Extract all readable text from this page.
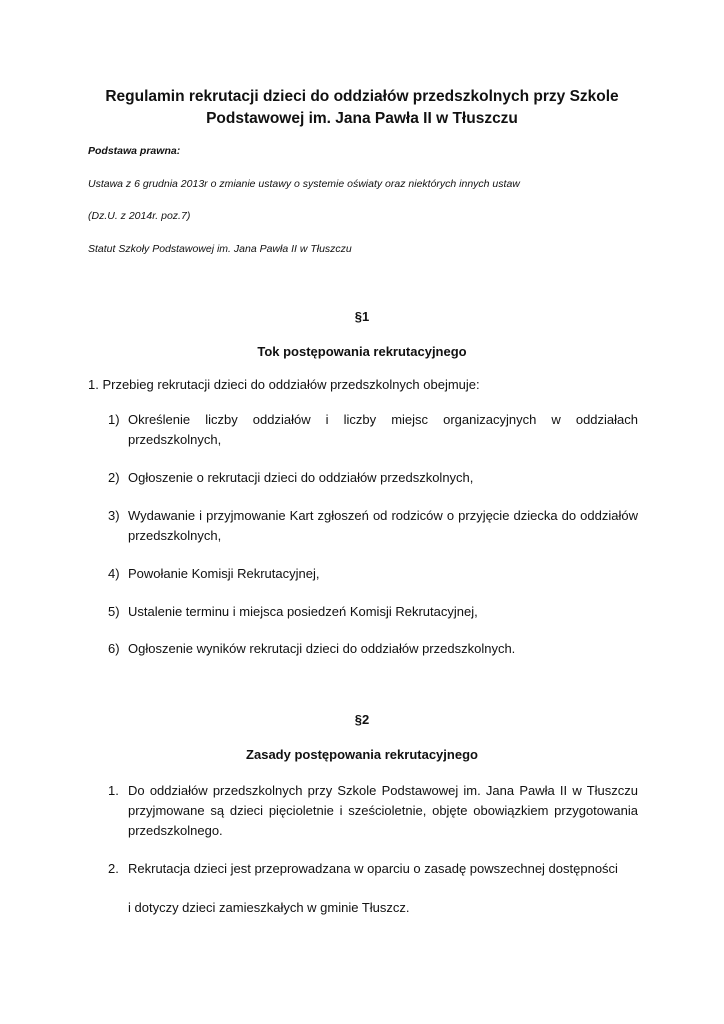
Regulamin rekrutacji dzieci do oddziałów przedszkolnych przy Szkole Podstawowej im. Jana Pawła II w Tłuszczu
Podstawa prawna:
Ustawa z 6 grudnia 2013r o zmianie ustawy o systemie oświaty oraz niektórych innych ustaw
(Dz.U. z 2014r. poz.7)
Statut Szkoły Podstawowej im. Jana Pawła II w Tłuszczu
§1
Tok postępowania rekrutacyjnego
1. Przebieg rekrutacji dzieci do oddziałów przedszkolnych obejmuje:
1) Określenie liczby oddziałów i liczby miejsc organizacyjnych w oddziałach przedszkolnych,
2) Ogłoszenie o rekrutacji dzieci do oddziałów przedszkolnych,
3) Wydawanie i przyjmowanie Kart zgłoszeń od rodziców o przyjęcie dziecka do oddziałów przedszkolnych,
4) Powołanie Komisji Rekrutacyjnej,
5) Ustalenie terminu i miejsca posiedzeń Komisji Rekrutacyjnej,
6) Ogłoszenie wyników rekrutacji dzieci do oddziałów przedszkolnych.
§2
Zasady postępowania rekrutacyjnego
1. Do oddziałów przedszkolnych przy Szkole Podstawowej im. Jana Pawła II w Tłuszczu przyjmowane są dzieci pięcioletnie i sześcioletnie, objęte obowiązkiem przygotowania przedszkolnego.
2. Rekrutacja dzieci jest przeprowadzana w oparciu o zasadę powszechnej dostępności
i dotyczy dzieci zamieszkałych w gminie Tłuszcz.
